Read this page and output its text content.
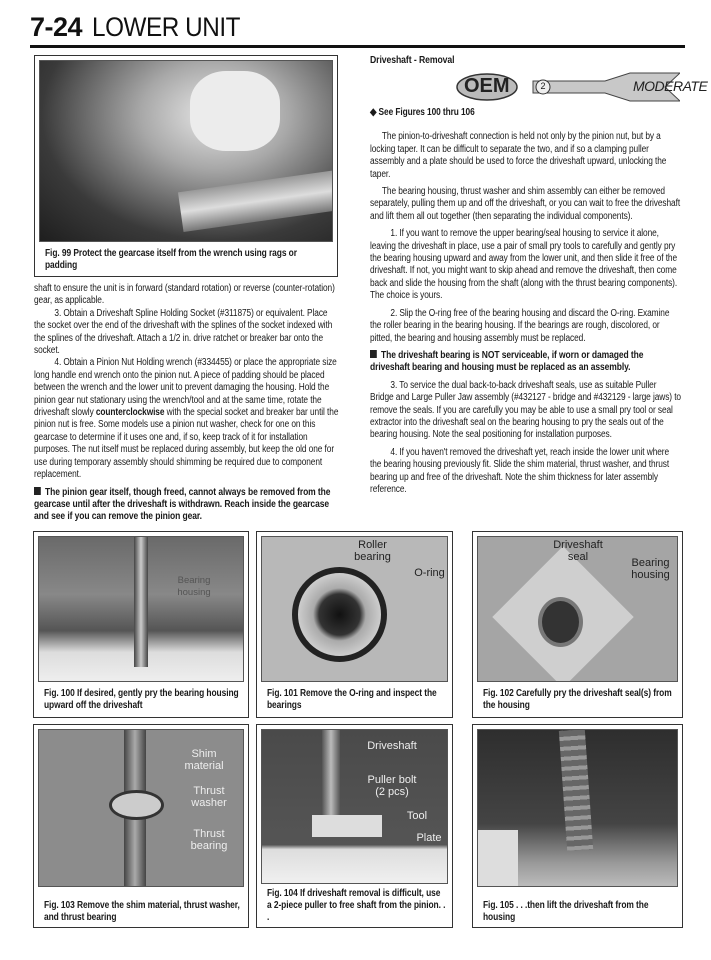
7-24 LOWER UNIT
Fig. 99 Protect the gearcase itself from the wrench using rags or padding

shaft to ensure the unit is in forward (standard rotation) or reverse (counter-rotation) gear, as applicable.

3. Obtain a Driveshaft Spline Holding Socket (#311875) or equivalent. Place the socket over the end of the driveshaft with the splines of the socket indexed with the splines of the driveshaft. Attach a 1/2 in. drive ratchet or breaker bar onto the socket.

4. Obtain a Pinion Nut Holding wrench (#334455) or place the appropriate size long handle end wrench onto the pinion nut. A piece of padding should be placed between the wrench and the lower unit to prevent damaging the housing. Hold the pinion gear nut stationary using the wrench/tool and at the same time, rotate the driveshaft slowly counterclockwise with the special socket and breaker bar until the pinion nut is free. Some models use a pinion nut washer, check for one on this gearcase to determine if it uses one and, if so, keep track of it for installation purposes. The nut itself must be replaced during assembly, but keep the old one for use during temporary assembly should shimming be required due to component replacement.

The pinion gear itself, though freed, cannot always be removed from the gearcase until after the driveshaft is withdrawn. Reach inside the gearcase and see if you can remove the pinion gear.

Driveshaft - Removal
OEM	2	MODERATE

◆ See Figures 100 thru 106

The pinion-to-driveshaft connection is held not only by the pinion nut, but by a locking taper. It can be difficult to separate the two, and if so a clamping puller assembly and a plate should be used to force the driveshaft upward, unlocking the taper.

The bearing housing, thrust washer and shim assembly can either be removed separately, pulling them up and off the driveshaft, or you can wait to free the driveshaft and lift them all out together (then separating the individual components).

1. If you want to remove the upper bearing/seal housing to service it alone, leaving the driveshaft in place, use a pair of small pry tools to carefully and gently pry the bearing housing upward and away from the lower unit, and then slide it free of the driveshaft. If not, you might want to skip ahead and remove the driveshaft, then come back and slide the housing from the shaft (along with the thrust bearing components). The choice is yours.

2. Slip the O-ring free of the bearing housing and discard the O-ring. Examine the roller bearing in the bearing housing. If the bearings are rough, discolored, or pitted, the bearing and housing assembly must be replaced.

The driveshaft bearing is NOT serviceable, if worn or damaged the driveshaft bearing and housing must be replaced as an assembly.

3. To service the dual back-to-back driveshaft seals, use as suitable Puller Bridge and Large Puller Jaw assembly (#432127 - bridge and #432129 - large jaws) to remove the seals. If you are carefully you may be able to use a small pry tool or seal extractor into the driveshaft seal on the bearing housing to pry the seals out of the bearing housing. Note the seal positioning for installation purposes.

4. If you haven't removed the driveshaft yet, reach inside the lower unit where the bearing housing previously fit. Slide the shim material, thrust washer, and thrust bearing up and free of the driveshaft. Note the shim thickness for later assembly reference.

Bearing housing
Fig. 100 If desired, gently pry the bearing housing upward off the driveshaft
Roller bearing
O-ring
Fig. 101 Remove the O-ring and inspect the bearings
Driveshaft seal	Bearing housing
Fig. 102 Carefully pry the driveshaft seal(s) from the housing
Shim material
Thrust washer
Thrust bearing
Fig. 103 Remove the shim material, thrust washer, and thrust bearing
Driveshaft
Puller bolt (2 pcs)
Tool
Plate
Fig. 104 If driveshaft removal is difficult, use a 2-piece puller to free shaft from the pinion. . .
Fig. 105 . . .then lift the driveshaft from the housing
